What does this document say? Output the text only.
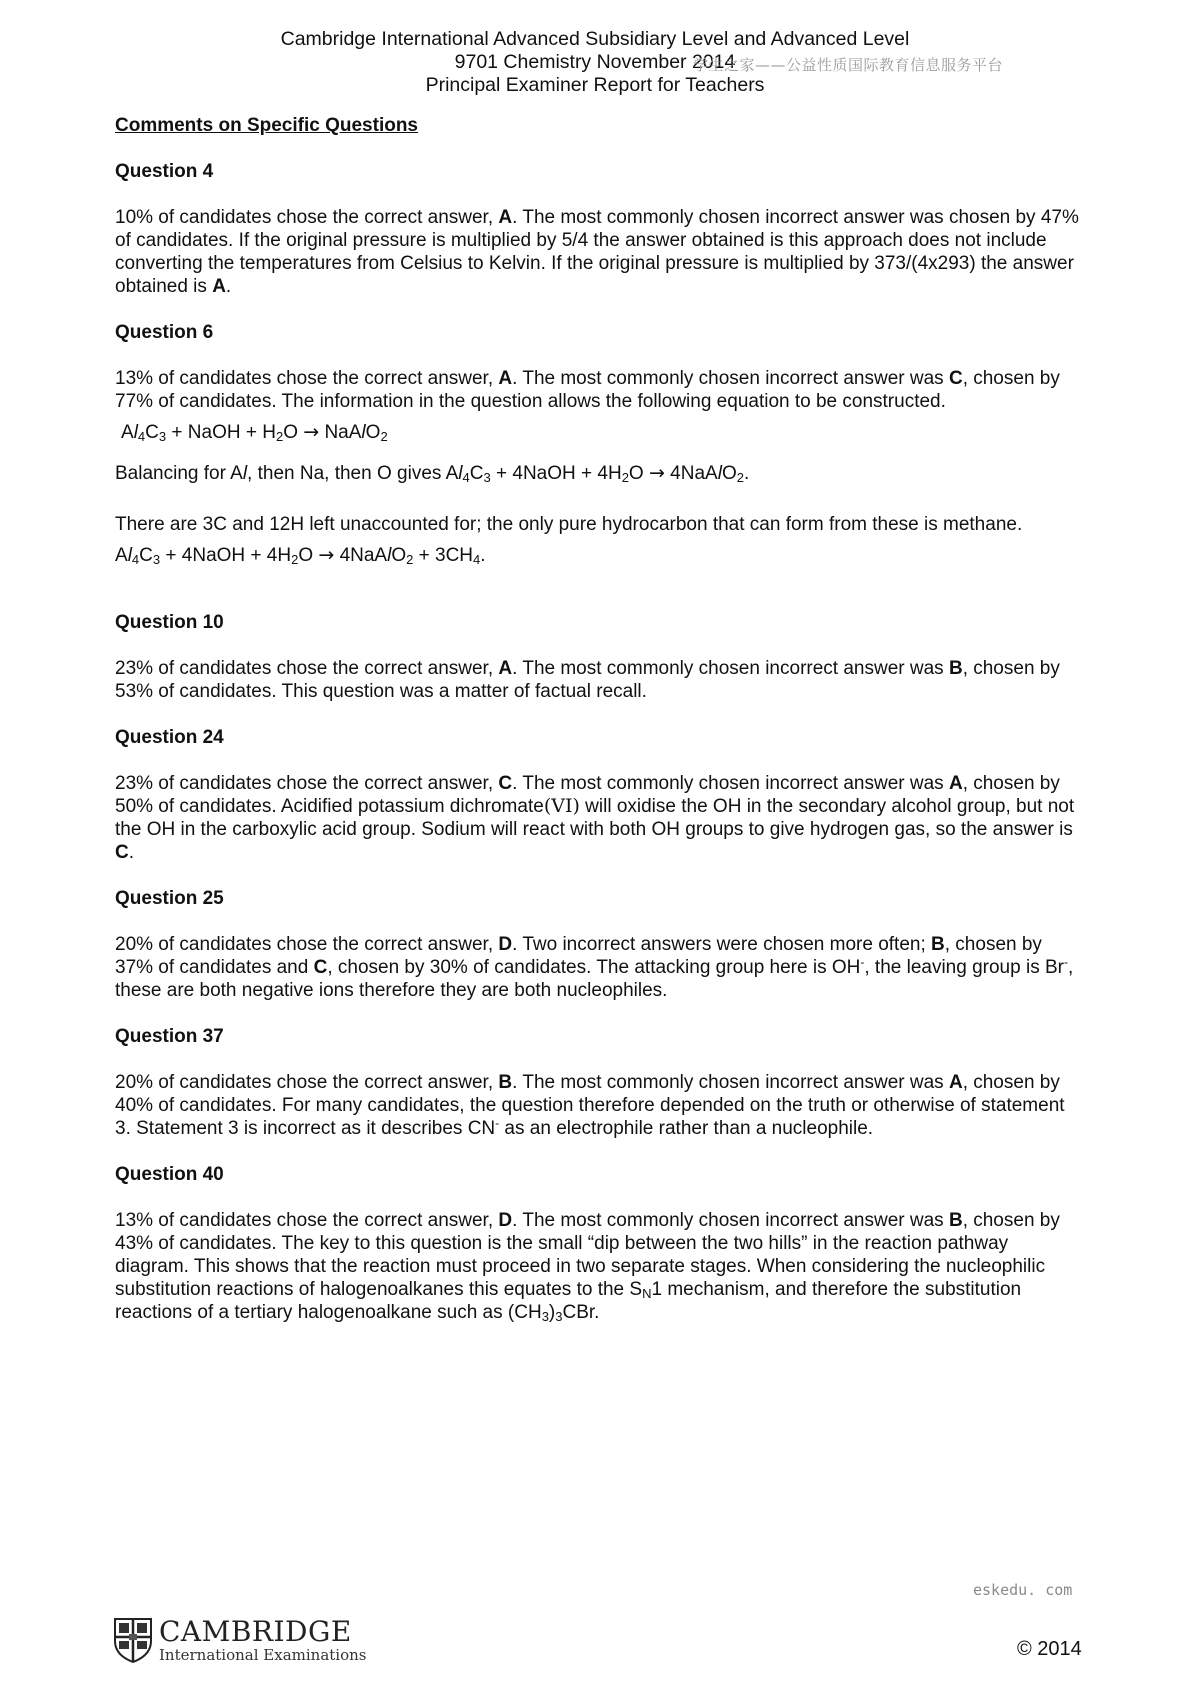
Cambridge International Advanced Subsidiary Level and Advanced Level
9701 Chemistry November 2014
Principal Examiner Report for Teachers
学生之家——公益性质国际教育信息服务平台
Comments on Specific Questions
Question 4

10% of candidates chose the correct answer, A. The most commonly chosen incorrect answer was chosen by 47% of candidates. If the original pressure is multiplied by 5/4 the answer obtained is this approach does not include converting the temperatures from Celsius to Kelvin. If the original pressure is multiplied by 373/(4x293) the answer obtained is A.

Question 6

13% of candidates chose the correct answer, A. The most commonly chosen incorrect answer was C, chosen by 77% of candidates. The information in the question allows the following equation to be constructed.

$Al_4C_3$ + NaOH + $H_2O$ → NaAlO$_2$

Balancing for Al, then Na, then O gives $Al_4C_3$ + 4NaOH + $4H_2O$ → 4NaAlO$_2$.

There are 3C and 12H left unaccounted for; the only pure hydrocarbon that can form from these is methane.

$Al_4C_3$ + 4NaOH + $4H_2O$ → 4NaAlO$_2$ + $3CH_4$.
Question 10

23% of candidates chose the correct answer, A. The most commonly chosen incorrect answer was B, chosen by 53% of candidates. This question was a matter of factual recall.

Question 24

23% of candidates chose the correct answer, C. The most commonly chosen incorrect answer was A, chosen by 50% of candidates. Acidified potassium dichromate(VI) will oxidise the OH in the secondary alcohol group, but not the OH in the carboxylic acid group. Sodium will react with both OH groups to give hydrogen gas, so the answer is C.

Question 25

20% of candidates chose the correct answer, D. Two incorrect answers were chosen more often; B, chosen by 37% of candidates and C, chosen by 30% of candidates. The attacking group here is OH-, the leaving group is Br-, these are both negative ions therefore they are both nucleophiles.

Question 37

20% of candidates chose the correct answer, B. The most commonly chosen incorrect answer was A, chosen by 40% of candidates. For many candidates, the question therefore depended on the truth or otherwise of statement 3. Statement 3 is incorrect as it describes CN- as an electrophile rather than a nucleophile.

Question 40

13% of candidates chose the correct answer, D. The most commonly chosen incorrect answer was B, chosen by 43% of candidates. The key to this question is the small “dip between the two hills” in the reaction pathway diagram. This shows that the reaction must proceed in two separate stages. When considering the nucleophilic substitution reactions of halogenoalkanes this equates to the $S_N1$ mechanism, and therefore the substitution reactions of a tertiary halogenoalkane such as $(CH_3)_3CBr$.

eskedu. com
CAMBRIDGE
International Examinations	© 2014
